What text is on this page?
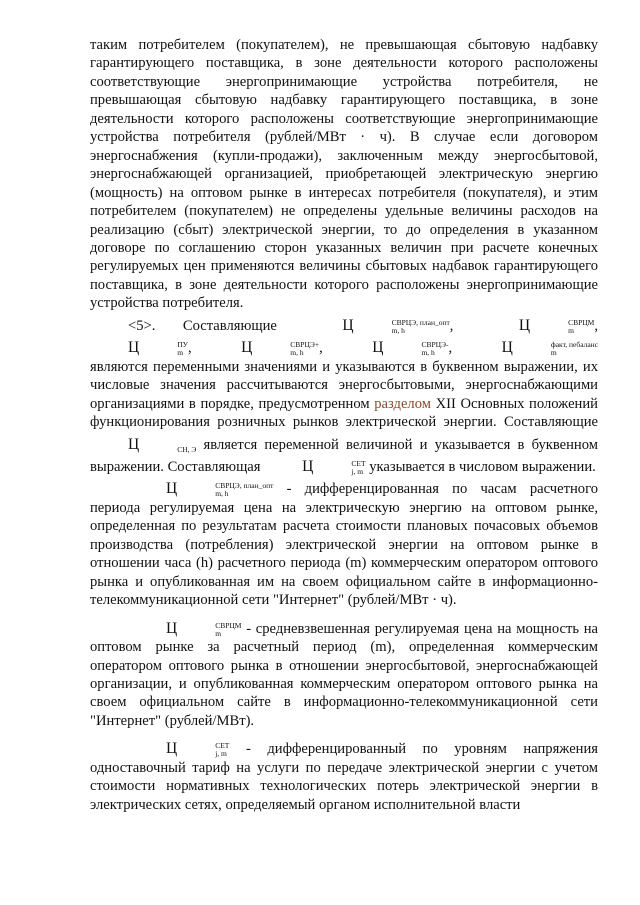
таким потребителем (покупателем), не превышающая сбытовую надбавку гарантирующего поставщика, в зоне деятельности которого расположены соответствующие энергопринимающие устройства потребителя, не превышающая сбытовую надбавку гарантирующего поставщика, в зоне деятельности которого расположены соответствующие энергопринимающие устройства потребителя (рублей/МВт · ч). В случае если договором энергоснабжения (купли-продажи), заключенным между энергосбытовой, энергоснабжающей организацией, приобретающей электрическую энергию (мощность) на оптовом рынке в интересах потребителя (покупателя), и этим потребителем (покупателем) не определены удельные величины расходов на реализацию (сбыт) электрической энергии, то до определения в указанном договоре по соглашению сторон указанных величин при расчете конечных регулируемых цен применяются величины сбытовых надбавок гарантирующего поставщика, в зоне деятельности которого расположены энергопринимающие устройства потребителя.

<5>. Составляющие	Ц	СВРЦЭ, план_опт
m, h	,	Ц	СВРЦМ
m	, Ц	ПУ
m ,	Ц	СВРЦЭ+
m, h	,	Ц	СВРЦЭ-
m, h ,	Ц	факт, пебаланс
m
являются переменными значениями и указываются в буквенном выражении, их числовые значения рассчитываются энергосбытовыми, энергоснабжающими организациями в порядке, предусмотренном разделом XII Основных положений функционирования розничных рынков электрической энергии. Составляющие Ц	СН, Э является переменной величиной и указывается в буквенном выражении. Составляющая	Ц	СЕТ
j, m указывается в числовом выражении.

Ц	СВРЦЭ, план_опт
m, h	- дифференцированная по часам расчетного периода регулируемая цена на электрическую энергию на оптовом рынке, определенная по результатам расчета стоимости плановых почасовых объемов производства (потребления) электрической энергии на оптовом рынке в отношении часа (h) расчетного периода (m) коммерческим оператором оптового рынка и опубликованная им на своем официальном сайте в информационно-телекоммуникационной сети "Интернет" (рублей/МВт · ч).

Ц	СВРЦМ
m	- средневзвешенная регулируемая цена на мощность на оптовом рынке за расчетный период (m), определенная коммерческим оператором оптового рынка в отношении энергосбытовой, энергоснабжающей организации, и опубликованная коммерческим оператором оптового рынка на своем официальном сайте в информационно-телекоммуникационной сети "Интернет" (рублей/МВт).

Ц	СЕТ
j, m - дифференцированный по уровням напряжения одноставочный тариф на услуги по передаче электрической энергии с учетом стоимости нормативных технологических потерь электрической энергии в электрических сетях, определяемый органом исполнительной власти
